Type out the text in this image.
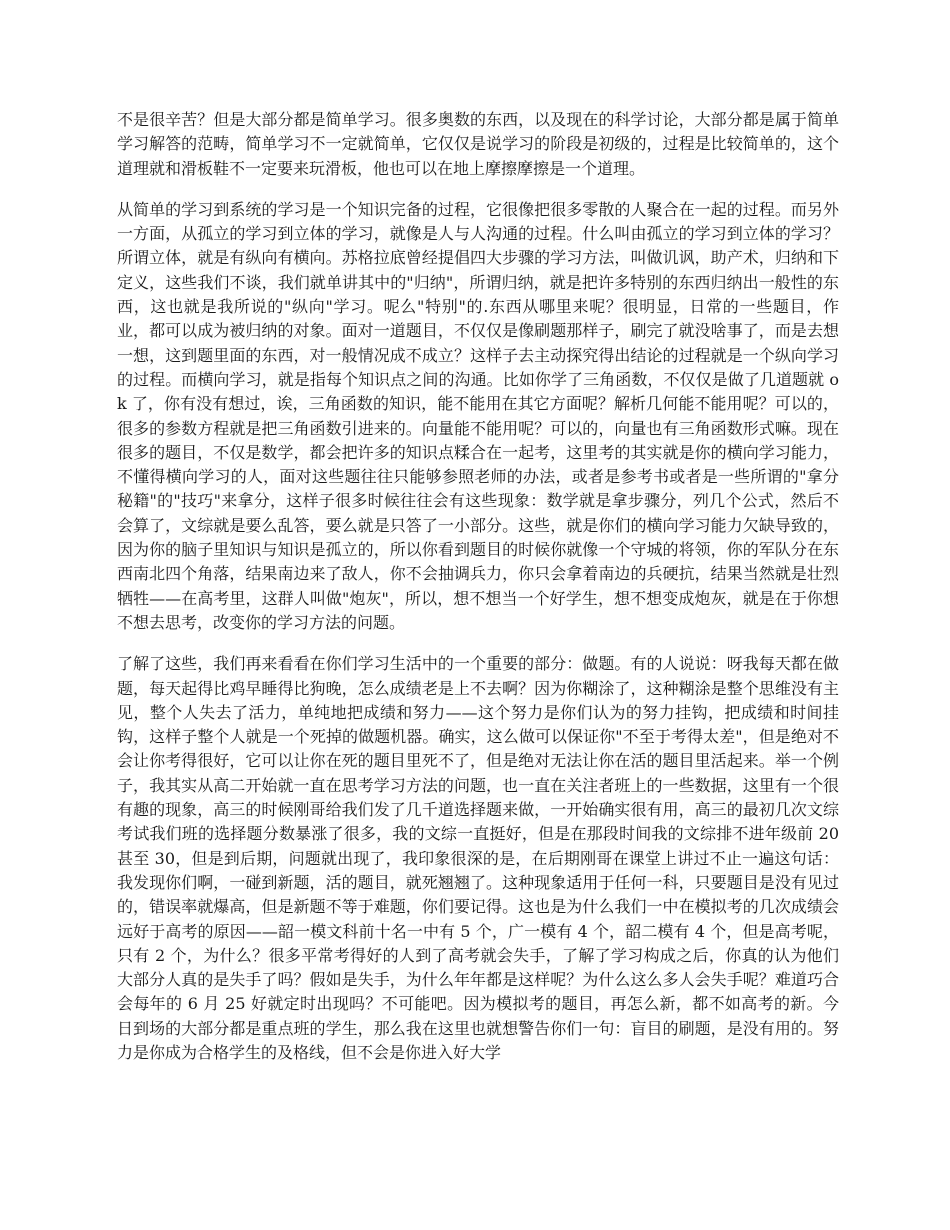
不是很辛苦？但是大部分都是简单学习。很多奥数的东西，以及现在的科学讨论，大部分都是属于简单学习解答的范畴，简单学习不一定就简单，它仅仅是说学习的阶段是初级的，过程是比较简单的，这个道理就和滑板鞋不一定要来玩滑板，他也可以在地上摩擦摩擦是一个道理。

从简单的学习到系统的学习是一个知识完备的过程，它很像把很多零散的人聚合在一起的过程。而另外一方面，从孤立的学习到立体的学习，就像是人与人沟通的过程。什么叫由孤立的学习到立体的学习？所谓立体，就是有纵向有横向。苏格拉底曾经提倡四大步骤的学习方法，叫做讥讽，助产术，归纳和下定义，这些我们不谈，我们就单讲其中的"归纳"，所谓归纳，就是把许多特别的东西归纳出一般性的东西，这也就是我所说的"纵向"学习。呢么"特别"的.东西从哪里来呢？很明显，日常的一些题目，作业，都可以成为被归纳的对象。面对一道题目，不仅仅是像刷题那样子，刷完了就没啥事了，而是去想一想，这到题里面的东西，对一般情况成不成立？这样子去主动探究得出结论的过程就是一个纵向学习的过程。而横向学习，就是指每个知识点之间的沟通。比如你学了三角函数，不仅仅是做了几道题就 ok 了，你有没有想过，诶，三角函数的知识，能不能用在其它方面呢？解析几何能不能用呢？可以的，很多的参数方程就是把三角函数引进来的。向量能不能用呢？可以的，向量也有三角函数形式嘛。现在很多的题目，不仅是数学，都会把许多的知识点糅合在一起考，这里考的其实就是你的横向学习能力，不懂得横向学习的人，面对这些题往往只能够参照老师的办法，或者是参考书或者是一些所谓的"拿分秘籍"的"技巧"来拿分，这样子很多时候往往会有这些现象：数学就是拿步骤分，列几个公式，然后不会算了，文综就是要么乱答，要么就是只答了一小部分。这些，就是你们的横向学习能力欠缺导致的，因为你的脑子里知识与知识是孤立的，所以你看到题目的时候你就像一个守城的将领，你的军队分在东西南北四个角落，结果南边来了敌人，你不会抽调兵力，你只会拿着南边的兵硬抗，结果当然就是壮烈牺牲——在高考里，这群人叫做"炮灰"，所以，想不想当一个好学生，想不想变成炮灰，就是在于你想不想去思考，改变你的学习方法的问题。

了解了这些，我们再来看看在你们学习生活中的一个重要的部分：做题。有的人说说：呀我每天都在做题，每天起得比鸡早睡得比狗晚，怎么成绩老是上不去啊？因为你糊涂了，这种糊涂是整个思维没有主见，整个人失去了活力，单纯地把成绩和努力——这个努力是你们认为的努力挂钩，把成绩和时间挂钩，这样子整个人就是一个死掉的做题机器。确实，这么做可以保证你"不至于考得太差"，但是绝对不会让你考得很好，它可以让你在死的题目里死不了，但是绝对无法让你在活的题目里活起来。举一个例子，我其实从高二开始就一直在思考学习方法的问题，也一直在关注者班上的一些数据，这里有一个很有趣的现象，高三的时候刚哥给我们发了几千道选择题来做，一开始确实很有用，高三的最初几次文综考试我们班的选择题分数暴涨了很多，我的文综一直挺好，但是在那段时间我的文综排不进年级前 20 甚至 30，但是到后期，问题就出现了，我印象很深的是，在后期刚哥在课堂上讲过不止一遍这句话：我发现你们啊，一碰到新题，活的题目，就死翘翘了。这种现象适用于任何一科，只要题目是没有见过的，错误率就爆高，但是新题不等于难题，你们要记得。这也是为什么我们一中在模拟考的几次成绩会远好于高考的原因——韶一模文科前十名一中有 5 个，广一模有 4 个，韶二模有 4 个，但是高考呢，只有 2 个，为什么？很多平常考得好的人到了高考就会失手，了解了学习构成之后，你真的认为他们大部分人真的是失手了吗？假如是失手，为什么年年都是这样呢？为什么这么多人会失手呢？难道巧合会每年的 6 月 25 好就定时出现吗？不可能吧。因为模拟考的题目，再怎么新，都不如高考的新。今日到场的大部分都是重点班的学生，那么我在这里也就想警告你们一句：盲目的刷题，是没有用的。努力是你成为合格学生的及格线，但不会是你进入好大学
